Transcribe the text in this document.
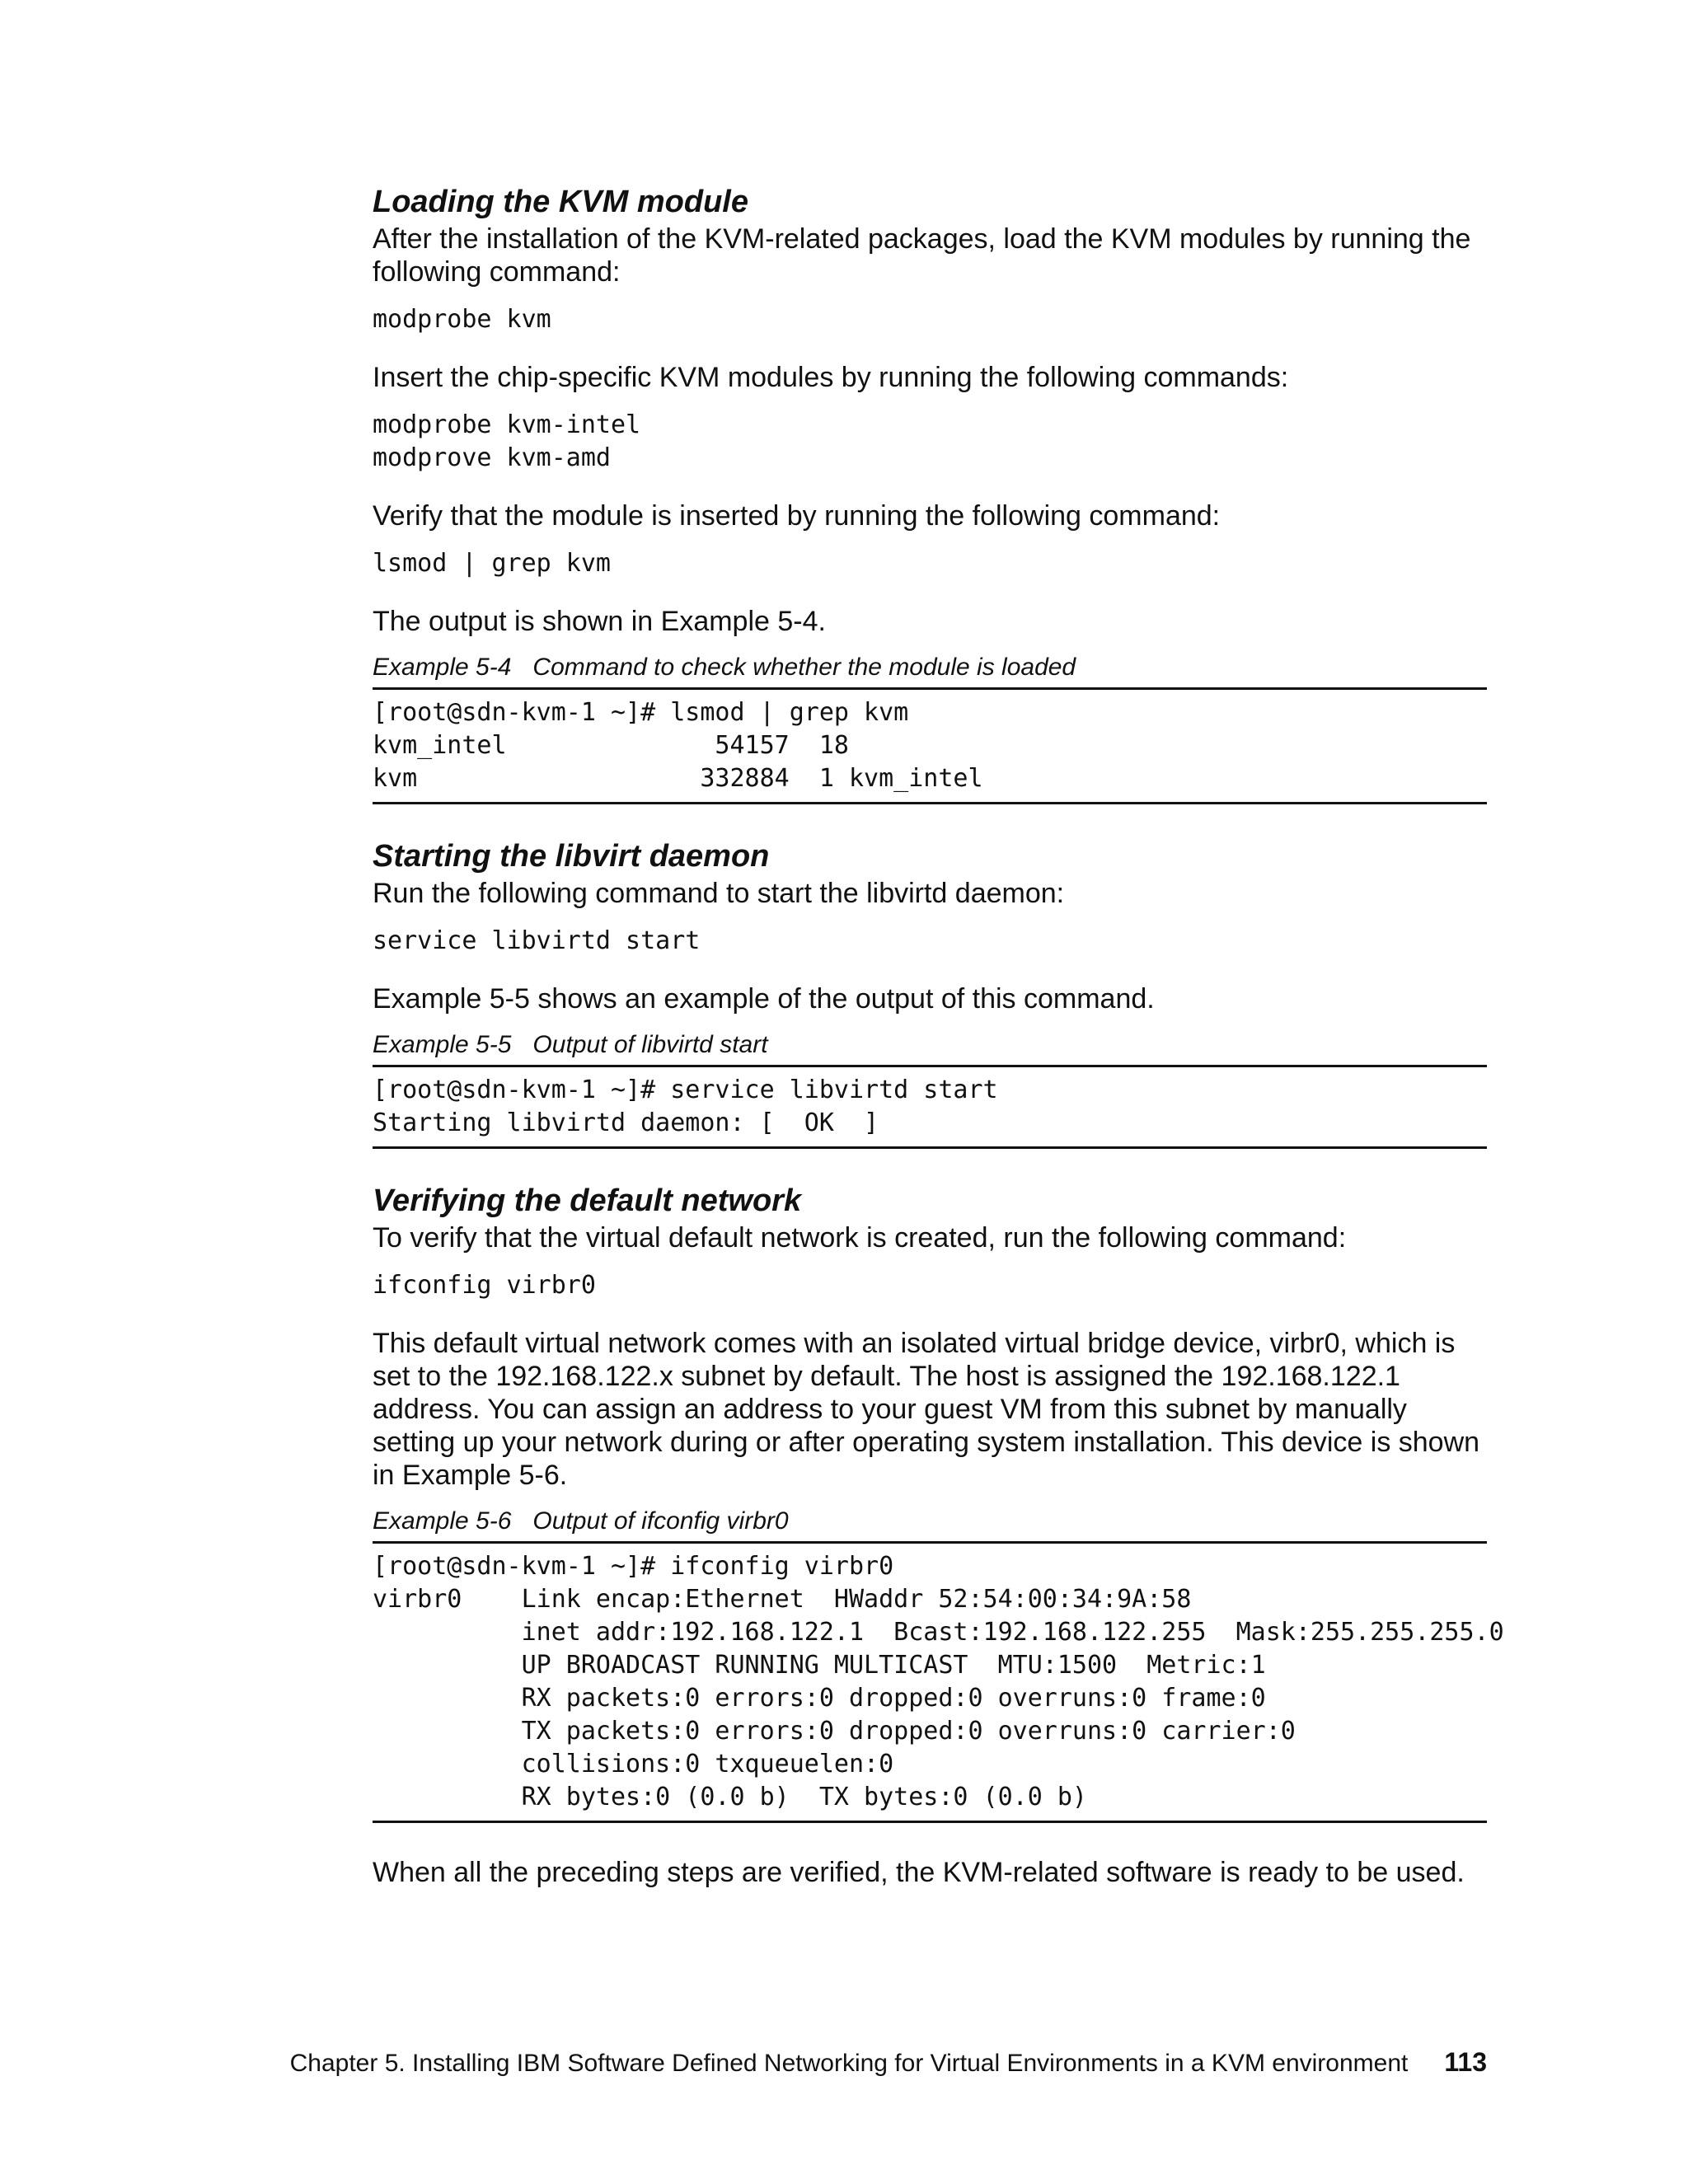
Loading the KVM module

After the installation of the KVM-related packages, load the KVM modules by running the following command:

modprobe kvm

Insert the chip-specific KVM modules by running the following commands:

modprobe kvm-intel
modprove kvm-amd

Verify that the module is inserted by running the following command:

lsmod | grep kvm

The output is shown in Example 5-4.

Example 5-4 Command to check whether the module is loaded
[root@sdn-kvm-1 ~]# lsmod | grep kvm
kvm_intel              54157  18
kvm                   332884  1 kvm_intel
Starting the libvirt daemon

Run the following command to start the libvirtd daemon:

service libvirtd start

Example 5-5 shows an example of the output of this command.

Example 5-5 Output of libvirtd start
[root@sdn-kvm-1 ~]# service libvirtd start
Starting libvirtd daemon: [  OK  ]
Verifying the default network

To verify that the virtual default network is created, run the following command:

ifconfig virbr0

This default virtual network comes with an isolated virtual bridge device, virbr0, which is set to the 192.168.122.x subnet by default. The host is assigned the 192.168.122.1 address. You can assign an address to your guest VM from this subnet by manually setting up your network during or after operating system installation. This device is shown in Example 5-6.

Example 5-6 Output of ifconfig virbr0
[root@sdn-kvm-1 ~]# ifconfig virbr0
virbr0    Link encap:Ethernet  HWaddr 52:54:00:34:9A:58
inet addr:192.168.122.1  Bcast:192.168.122.255  Mask:255.255.255.0
UP BROADCAST RUNNING MULTICAST  MTU:1500  Metric:1
RX packets:0 errors:0 dropped:0 overruns:0 frame:0
TX packets:0 errors:0 dropped:0 overruns:0 carrier:0
collisions:0 txqueuelen:0
RX bytes:0 (0.0 b)  TX bytes:0 (0.0 b)

When all the preceding steps are verified, the KVM-related software is ready to be used.

Chapter 5. Installing IBM Software Defined Networking for Virtual Environments in a KVM environment 113
